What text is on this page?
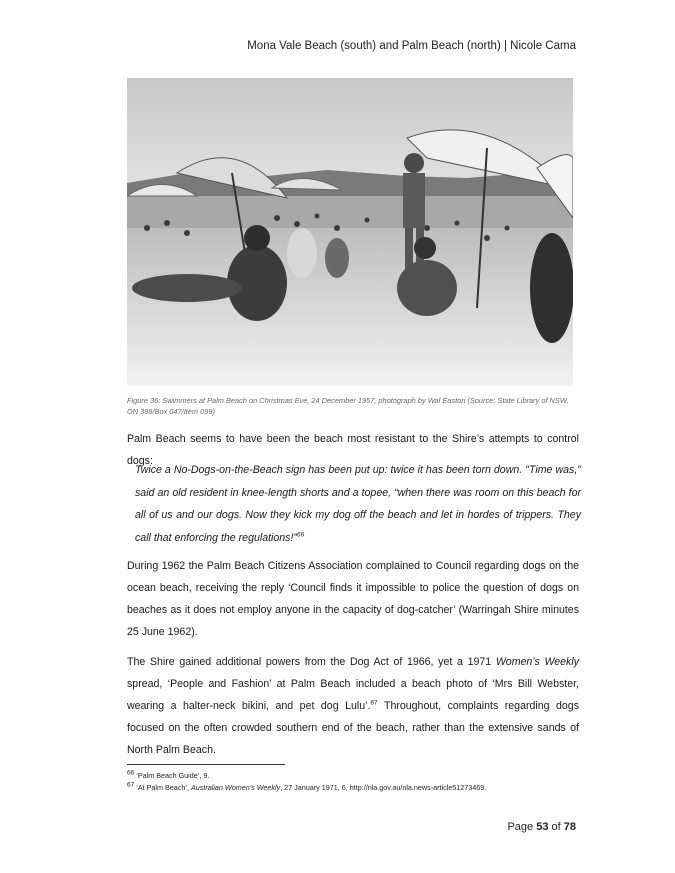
Mona Vale Beach (south) and Palm Beach (north) | Nicole Cama
Figure 36: Swimmers at Palm Beach on Christmas Eve, 24 December 1957, photograph by Wal Easton (Source: State Library of NSW, ON 388/Box 047/Item 099)
Palm Beach seems to have been the beach most resistant to the Shire’s attempts to control dogs:
Twice a No-Dogs-on-the-Beach sign has been put up: twice it has been torn down. "Time was," said an old resident in knee-length shorts and a topee, “when there was room on this beach for all of us and our dogs. Now they kick my dog off the beach and let in hordes of trippers. They call that enforcing the regulations!”$^{66}$
During 1962 the Palm Beach Citizens Association complained to Council regarding dogs on the ocean beach, receiving the reply ‘Council finds it impossible to police the question of dogs on beaches as it does not employ anyone in the capacity of dog-catcher’ (Warringah Shire minutes 25 June 1962).
The Shire gained additional powers from the Dog Act of 1966, yet a 1971 Women’s Weekly spread, ‘People and Fashion’ at Palm Beach included a beach photo of ‘Mrs Bill Webster, wearing a halter-neck bikini, and pet dog Lulu’.$^{67}$ Throughout, complaints regarding dogs focused on the often crowded southern end of the beach, rather than the extensive sands of North Palm Beach.
$^{66}$ ‘Palm Beach Guide’, 9.
$^{67}$ ‘At Palm Beach’, Australian Women’s Weekly, 27 January 1971, 6, http://nla.gov.au/nla.news-article51273469.
Page 53 of 78
